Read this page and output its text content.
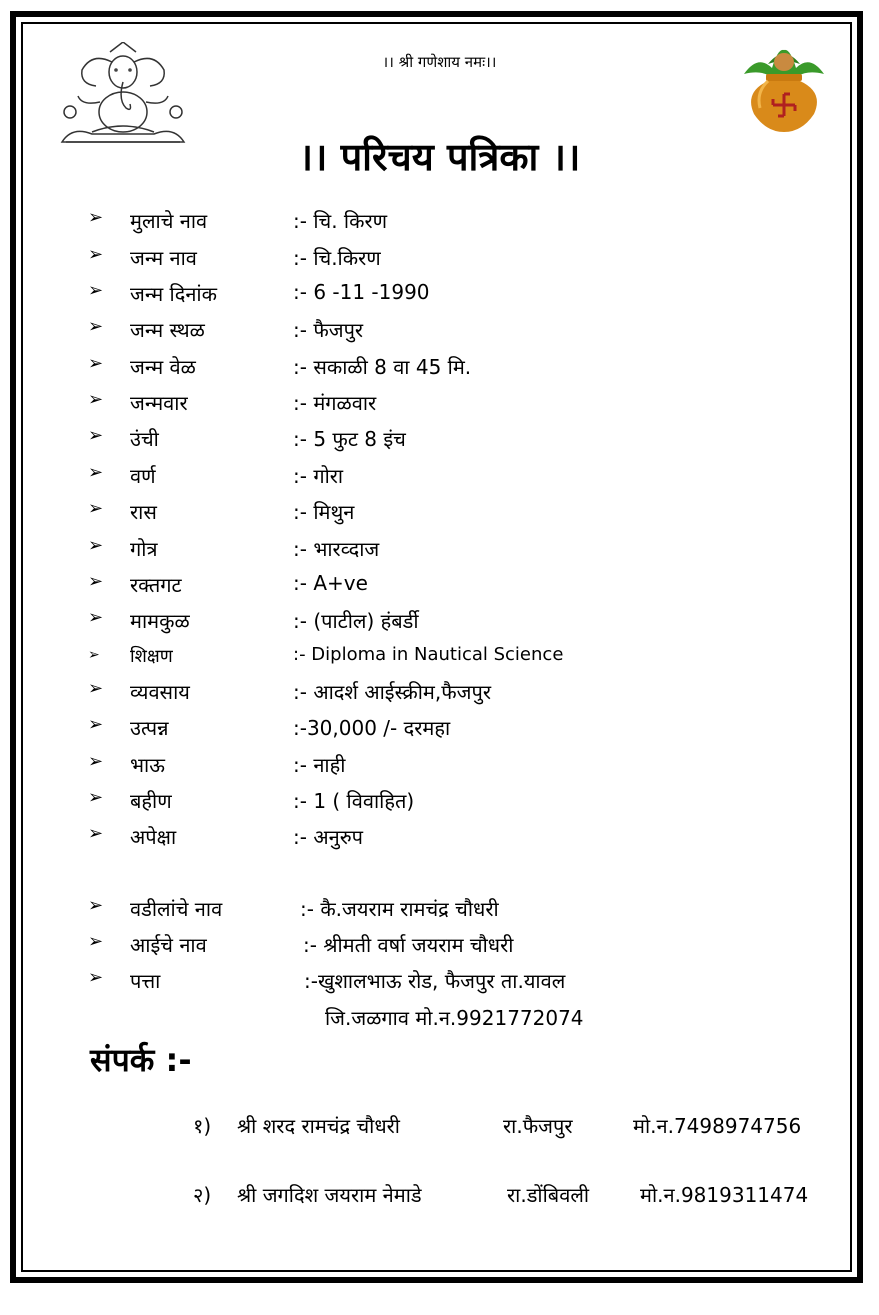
।। श्री गणेशाय नमः।।
।। परिचय पत्रिका ।।
➢ मुलाचे नाव	:- चि. किरण
➢ जन्म नाव	:- चि.किरण
➢ जन्म दिनांक	:- 6 -11 -1990
➢ जन्म स्थळ	:- फैजपुर
➢ जन्म वेळ	:- सकाळी 8 वा 45 मि.
➢ जन्मवार	:- मंगळवार
➢ उंची	:- 5 फुट 8 इंच
➢ वर्ण	:- गोरा
➢ रास	:- मिथुन
➢ गोत्र	:- भारव्दाज
➢ रक्तगट	:- A+ve
➢ मामकुळ	:- (पाटील) हंबर्डी
➢ शिक्षण	:- Diploma in Nautical Science
➢ व्यवसाय	:- आदर्श आईस्क्रीम,फैजपुर
➢ उत्पन्न	:-30,000 /- दरमहा
➢ भाऊ	:- नाही
➢ बहीण	:- 1 ( विवाहित)
➢ अपेक्षा	:- अनुरुप
➢ वडीलांचे नाव	:- कै.जयराम रामचंद्र चौधरी
➢ आईचे नाव	:- श्रीमती वर्षा जयराम चौधरी
➢ पत्ता	:-खुशालभाऊ रोड, फैजपुर ता.यावल
जि.जळगाव मो.न.9921772074
संपर्क :-
१) श्री शरद रामचंद्र चौधरी	रा.फैजपुर	मो.न.7498974756
२) श्री जगदिश जयराम नेमाडे	रा.डोंबिवली	मो.न.9819311474
